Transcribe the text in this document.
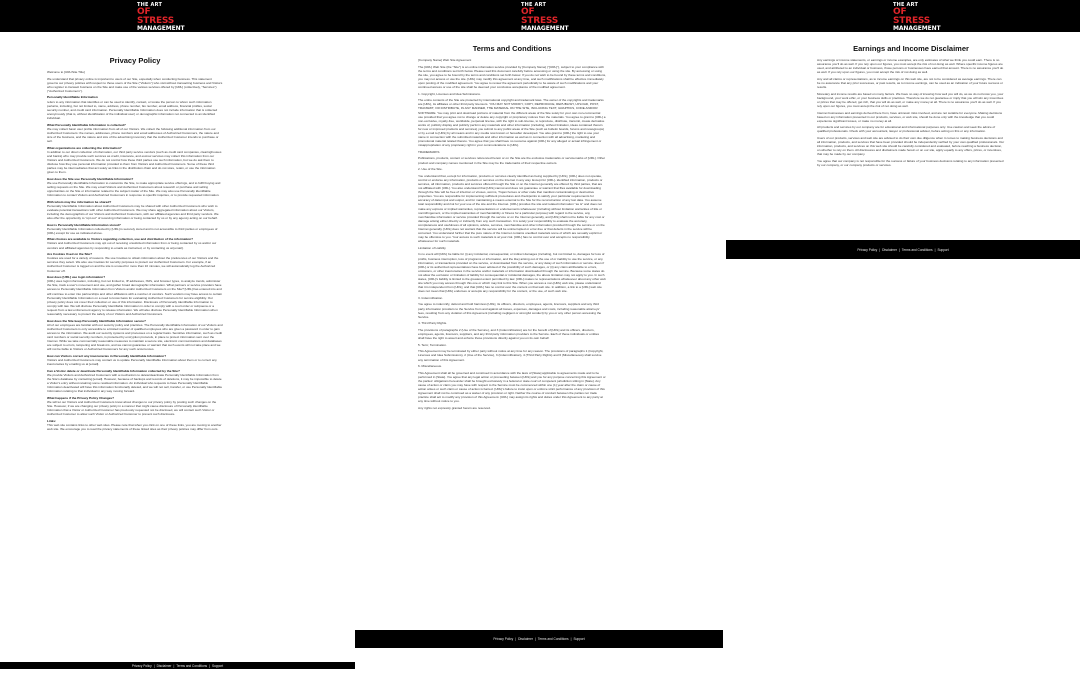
THE ART
OF STRESS
MANAGEMENT
THE ART
OF STRESS
MANAGEMENT
THE ART
OF STRESS
MANAGEMENT
Privacy Policy

Welcome to [URL/Site Title]

We understand that privacy online is important to users of our Site, especially when conducting business. This statement governs our privacy policies with respect to those users of the Site ("Visitors") who visit without transacting business and Visitors who register to transact business on the Site and make use of the various services offered by [URL] (collectively, "Services") ("Authorized Customers").

Personally Identifiable Information

refers to any information that identifies or can be used to identify, contact, or locate the person to whom such information pertains, including, but not limited to, name, address, phone number, fax number, email address, financial profiles, social security number, and credit card information. Personally Identifiable Information does not include information that is collected anonymously (that is, without identification of the individual user) or demographic information not connected to an identified individual.

What Personally Identifiable Information is collected?

We may collect basic user profile information from all of our Visitors. We collect the following additional information from our Authorized Customers: the names, addresses, phone numbers and email addresses of Authorized Customers, the nature and size of the business, and the nature and size of the advertising inventory that the Authorized Customer intends to purchase or sell.

What organizations are collecting the information?

In addition to our direct collection of information, our third party service vendors (such as credit card companies, clearinghouses and banks) who may provide such services as credit, insurance, and escrow services may collect this information from our Visitors and Authorized Customers. We do not control how these third parties use such information, but we do ask them to disclose how they use personal information provided to them from Visitors and Authorized Customers. Some of these third parties may be intermediaries that act solely as links in the distribution chain and do not store, retain, or use the information given to them.

How does the Site use Personally Identifiable Information?

We use Personally Identifiable Information to customize the Site, to make appropriate service offerings, and to fulfill buying and selling requests on the Site. We may email Visitors and Authorized Customers about research or purchase and selling opportunities on the Site or information related to the subject matter of the Site. We may also use Personally Identifiable Information to contact Visitors and Authorized Customers in response to specific inquiries, or to provide requested information.

With whom may the information be shared?

Personally Identifiable Information about Authorized Customers may be shared with other Authorized Customers who wish to evaluate potential transactions with other Authorized Customers. We may share aggregated information about our Visitors, including the demographics of our Visitors and Authorized Customers, with our affiliated agencies and third party vendors. We also offer the opportunity to "opt out" of receiving information or being contacted by us or by any agency acting on our behalf.

How is Personally Identifiable Information stored?

Personally Identifiable Information collected by [URL] is securely stored and is not accessible to third parties or employees of [URL] except for use as indicated above.

What choices are available to Visitors regarding collection, use and distribution of the information?

Visitors and Authorized Customers may opt out of receiving unsolicited information from or being contacted by us and/or our vendors and affiliated agencies by responding to emails as instructed, or by contacting us at [email].

Are Cookies Used on the Site?

Cookies are used for a variety of reasons. We use Cookies to obtain information about the preferences of our Visitors and the services they select. We also use Cookies for security purposes to protect our Authorized Customers. For example, if an Authorized Customer is logged on and the site is unused for more than 10 minutes, we will automatically log the Authorized Customer off.

How does [URL] use login information?

[URL] uses login information, including, but not limited to, IP addresses, ISPs, and browser types, to analyze trends, administer the Site, track a user's movement and use, and gather broad demographic information. What partners or service providers have access to Personally Identifiable Information from Visitors and/or Authorized Customers on the Site? [URL] has entered into and will continue to enter into partnerships and other affiliations with a number of vendors. Such vendors may have access to certain Personally Identifiable Information on a need to know basis for evaluating Authorized Customers for service eligibility. Our privacy policy does not cover their collection or use of this information. Disclosure of Personally Identifiable Information to comply with law. We will disclose Personally Identifiable Information in order to comply with a court order or subpoena or a request from a law enforcement agency to release information. We will also disclose Personally Identifiable Information when reasonably necessary to protect the safety of our Visitors and Authorized Customers.

How does the Site keep Personally Identifiable Information secure?

All of our employees are familiar with our security policy and practices. The Personally Identifiable Information of our Visitors and Authorized Customers is only accessible to a limited number of qualified employees who are given a password in order to gain access to the information. We audit our security systems and processes on a regular basis. Sensitive information, such as credit card numbers or social security numbers, is protected by encryption protocols, in place to protect information sent over the Internet. While we take commercially reasonable measures to maintain a secure site, electronic communications and databases are subject to errors, tampering and break-ins, and we cannot guarantee or warrant that such events will not take place and we will not be liable to Visitors or Authorized Customers for any such occurrences.

How can Visitors correct any inaccuracies in Personally Identifiable Information?

Visitors and Authorized Customers may contact us to update Personally Identifiable Information about them or to correct any inaccuracies by emailing us at [email].

Can a Visitor delete or deactivate Personally Identifiable Information collected by the Site?

We provide Visitors and Authorized Customers with a mechanism to delete/deactivate Personally Identifiable Information from the Site's database by contacting [email]. However, because of backups and records of deletions, it may be impossible to delete a Visitor's entry without retaining some residual information. An individual who requests to have Personally Identifiable Information deactivated will have this information functionally deleted, and we will not sell, transfer, or use Personally Identifiable Information relating to that individual in any way moving forward.

What happens if the Privacy Policy Changes?

We will let our Visitors and Authorized Customers know about changes to our privacy policy by posting such changes on the Site. However, if we are changing our privacy policy in a manner that might cause disclosure of Personally Identifiable Information that a Visitor or Authorized Customer has previously requested not be disclosed, we will contact such Visitor or Authorized Customer to allow such Visitor or Authorized Customer to prevent such disclosure.

Links:

This web site contains links to other web sites. Please note that when you click on one of these links, you are moving to another web site. We encourage you to read the privacy statements of these linked sites as their privacy policies may differ from ours.

Privacy Policy | Disclaimer | Terms and Conditions | Support
Terms and Conditions

[Company Name] Web Site Agreement

The [URL] Web Site (the "Site") is an online information service provided by [Company Name] ("[URL]"), subject to your compliance with the terms and conditions set forth below. Please read this document carefully before accessing or using the site. By accessing or using the site, you agree to be bound by the terms and conditions set forth below. If you do not wish to be bound by these terms and conditions, you may not access or use the site. [URL] may modify this agreement at any time, and such modifications shall be effective immediately upon posting of the modified agreement. You agree to review the agreement periodically to be aware of such modifications and your continued access or use of the site shall be deemed your conclusive acceptance of the modified agreement.

1. Copyright, Licenses and Idea Submissions.

The entire contents of the Site are protected by international copyright and trademark laws. The owner of the copyrights and trademarks are [URL], its affiliates or other third party licensors. YOU MAY NOT MODIFY, COPY, REPRODUCE, REPUBLISH, UPLOAD, POST, TRANSMIT, OR DISTRIBUTE, IN ANY MANNER, THE MATERIAL ON THE SITE, INCLUDING TEXT, GRAPHICS, CODE AND/OR SOFTWARE. You may print and download portions of material from the different areas of the Site solely for your own non-commercial use provided that you agree not to change or delete any copyright or proprietary notices from the materials. You agree to grant to [URL] a non-exclusive, royalty-free, worldwide, perpetual license, with the right to sub-license, to reproduce, distribute, transmit, create derivative works of, publicly display and publicly perform any materials and other information (including, without limitation, ideas contained therein for new or improved products and services) you submit to any public areas of the Site (such as bulletin boards, forums and newsgroups) or by e-mail to [URL] by all means and in any media now known or hereafter developed. You also grant to [URL] the right to use your name in connection with the submitted materials and other information as well as in connection with all advertising, marketing and promotional material related thereto. You agree that you shall have no recourse against [URL] for any alleged or actual infringement or misappropriation of any proprietary right in your communications to [URL].

TRADEMARKS

Publications, products, content or services referenced herein or on the Site are the exclusive trademarks or servicemarks of [URL]. Other product and company names mentioned in the Site may be the trademarks of their respective owners.

2. Use of the Site.

You understand that, except for information, products or services clearly identified as being supplied by [URL], [URL] does not operate, control or endorse any information, products or services on the Internet in any way. Except for [URL]- identified information, products or services, all information, products and services offered through the Site or on the Internet generally are offered by third parties, that are not affiliated with [URL]. You also understand that [URL] cannot and does not guarantee or warrant that files available for downloading through the Site will be free of infection or viruses, worms, Trojan horses or other code that manifest contaminating or destructive properties. You are responsible for implementing sufficient procedures and checkpoints to satisfy your particular requirements for accuracy of data input and output, and for maintaining a means external to the Site for the reconstruction of any lost data. You assume total responsibility and risk for your use of the site and the Internet. [URL] provides the site and related information "as is" and does not make any express or implied warranties, representations or endorsements whatsoever (including without limitation warranties of title or noninfringement, or the implied warranties of merchantability or fitness for a particular purpose) with regard to the service, any merchandise information or service provided through the service or on the Internet generally, and [URL] shall not be liable for any cost or damage arising either directly or indirectly from any such transaction. It is solely your responsibility to evaluate the accuracy, completeness and usefulness of all opinions, advice, services, merchandise and other information provided through the service or on the Internet generally. [URL] does not warrant that the service will be uninterrupted or error-free or that defects in the service will be corrected. You understand further that the pure nature of the Internet contains unedited materials some of which are sexually explicit or may be offensive to you. Your access to such materials is at your risk. [URL] has no control over and accepts no responsibility whatsoever for such materials.

Limitation of Liability

In no event will [URL] be liable for (i) any incidental, consequential, or indirect damages (including, but not limited to, damages for loss of profits, business interruption, loss of programs or information, and the like) arising out of the use of or inability to use the service, or any information, or transactions provided on the service, or downloaded from the service, or any delay of such information or service. Even if [URL] or its authorized representatives have been advised of the possibility of such damages, or (ii) any claim attributable to errors, omissions, or other inaccuracies in the service and/or materials or information downloaded through the service. Because some states do not allow the exclusion or limitation of liability for consequential or incidental damages, the above limitation may not apply to you. In such states, [URL]'s liability is limited to the greatest extent permitted by law. [URL] makes no representations whatsoever about any other web site which you may access through this one or which may link to this Site. When you access a non-[URL] web site, please understand that it is independent from [URL], and that [URL] has no control over the content on that web site. In addition, a link to a [URL] web site does not mean that [URL] endorses or accepts any responsibility for the content, or the use, of such web site.

3. Indemnification.

You agree to indemnify, defend and hold harmless [URL], its officers, directors, employees, agents, licensors, suppliers and any third party information providers to the Service from and against all losses, expenses, damages and costs, including reasonable attorneys' fees, resulting from any violation of this Agreement (including negligent or wrongful conduct) by you or any other person accessing the Service.

4. Third Party Rights.

The provisions of paragraphs 2 (Use of the Service), and 3 (Indemnification) are for the benefit of [URL] and its officers, directors, employees, agents, licensors, suppliers, and any third party information providers to the Service. Each of these individuals or entities shall have the right to assert and enforce those provisions directly against you on its own behalf.

5. Term; Termination.

This Agreement may be terminated by either party without notice at any time for any reason. The provisions of paragraphs 1 (Copyright, Licenses and Idea Submissions), 2 (Use of the Service), 3 (Indemnification), 4 (Third Party Rights) and 6 (Miscellaneous) shall survive any termination of this Agreement.

6. Miscellaneous.

This Agreement shall all be governed and construed in accordance with the laws of [State] applicable to agreements made and to be performed in [State]. You agree that any legal action or proceeding between [URL] and you for any purpose concerning this Agreement or the parties' obligations hereunder shall be brought exclusively in a federal or state court of competent jurisdiction sitting in [State]. Any cause of action or claim you may have with respect to the Service must be commenced within one (1) year after the claim or cause of action arises or such claim or cause of action is barred. [URL]'s failure to insist upon or enforce strict performance of any provision of this Agreement shall not be construed as a waiver of any provision or right. Neither the course of conduct between the parties nor trade practice shall act to modify any provision of this Agreement. [URL] may assign its rights and duties under this Agreement to any party at any time without notice to you.

Any rights not expressly granted herein are reserved.

Privacy Policy | Disclaimer | Terms and Conditions | Support
Earnings and Income Disclaimer

Any earnings or income statements, or earnings or income examples, are only estimates of what we think you could earn. There is no assurance you'll do as well. If you rely upon our figures, you must accept the risk of not doing as well. Where specific income figures are used, and attributed to an individual or business, those persons or businesses have earned that amount. There is no assurance you'll do as well. If you rely upon our figures, you must accept the risk of not doing as well.

Any and all claims or representations, as to income earnings on this web site, are not to be considered as average earnings. There can be no assurance that any prior successes, or past results, as to income earnings, can be used as an indication of your future success or results.

Monetary and income results are based on many factors. We have no way of knowing how well you will do, as we do not know you, your background, your work ethic, or your business skills or practices. Therefore we do not guarantee or imply that you will win any incentives or prizes that may be offered, get rich, that you will do as well, or make any money at all. There is no assurance you'll do as well. If you rely upon our figures, you must accept the risk of not doing as well.

Internet businesses and earnings derived there from, have unknown risks involved, and are not suitable for everyone. Making decisions based on any information presented in our products, services, or web site, should be done only with the knowledge that you could experience significant losses, or make no money at all.

All products and services by our company are for educational and informational purposes only. Use caution and seek the advice of qualified professionals. Check with your accountant, lawyer or professional advisor, before acting on this or any information.

Users of our products, services and web site are advised to do their own due diligence when it comes to making business decisions and all information, products, and services that have been provided should be independently verified by your own qualified professionals. Our information, products, and services on this web site should be carefully considered and evaluated, before reaching a business decision, on whether to rely on them. All disclosures and disclaimers made herein or on our site, apply equally to any offers, prizes, or incentives, that may be made by our company.

You agree that our company is not responsible for the success or failure of your business decisions relating to any information presented by our company, or our company products or services.

Privacy Policy | Disclaimer | Terms and Conditions | Support
